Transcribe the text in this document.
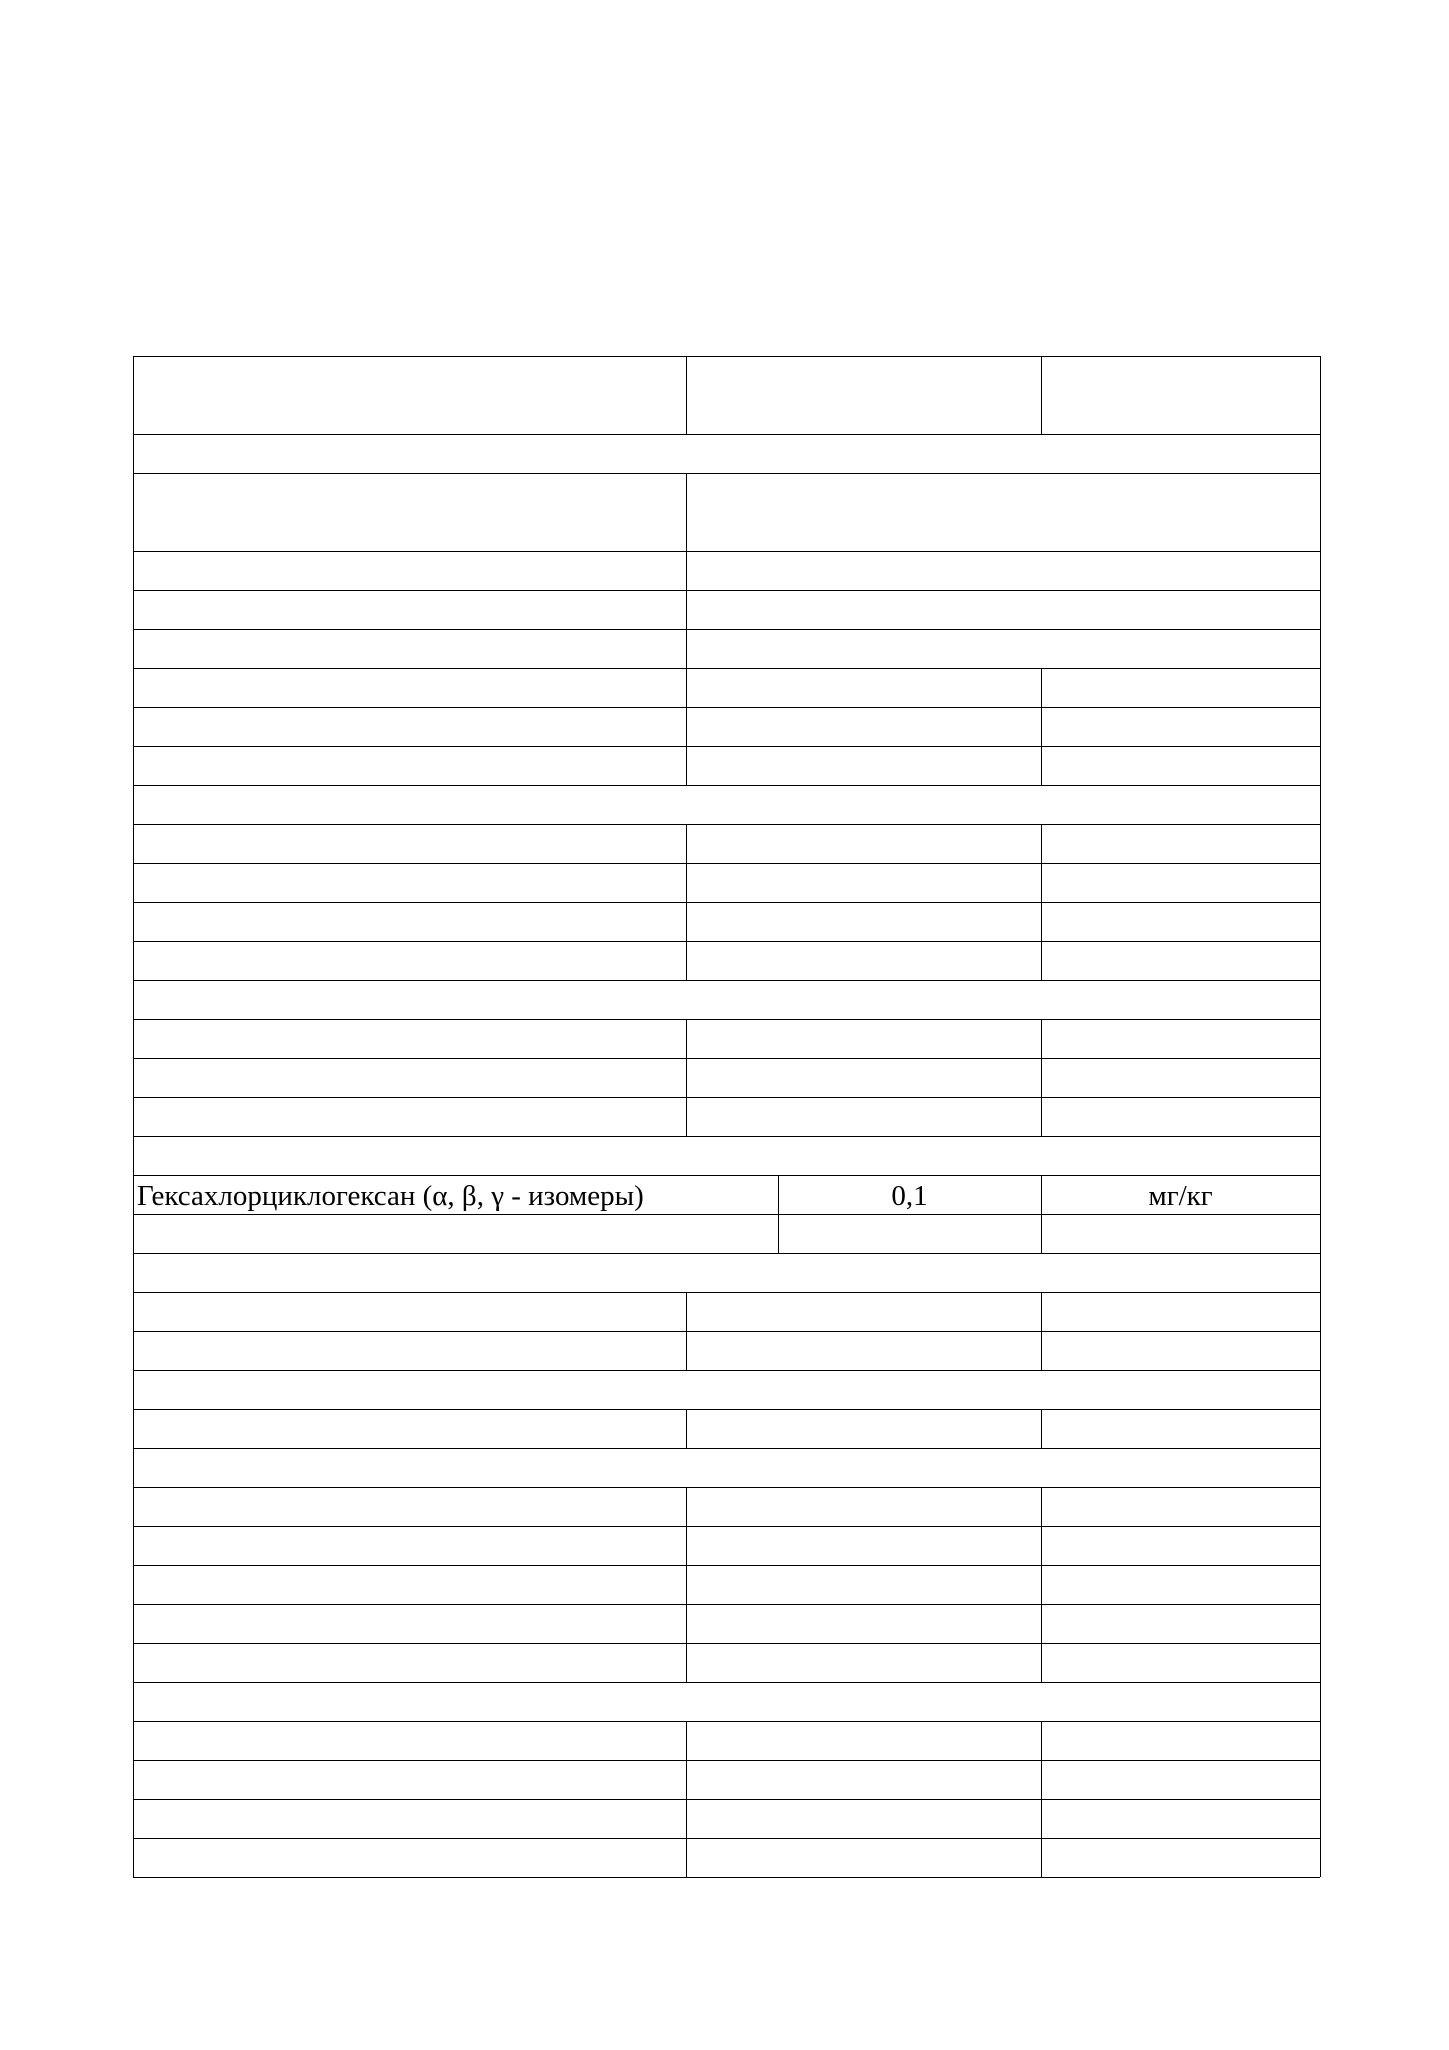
Гексахлорциклогексан (α, β, γ - изомеры)	0,1	мг/кг
